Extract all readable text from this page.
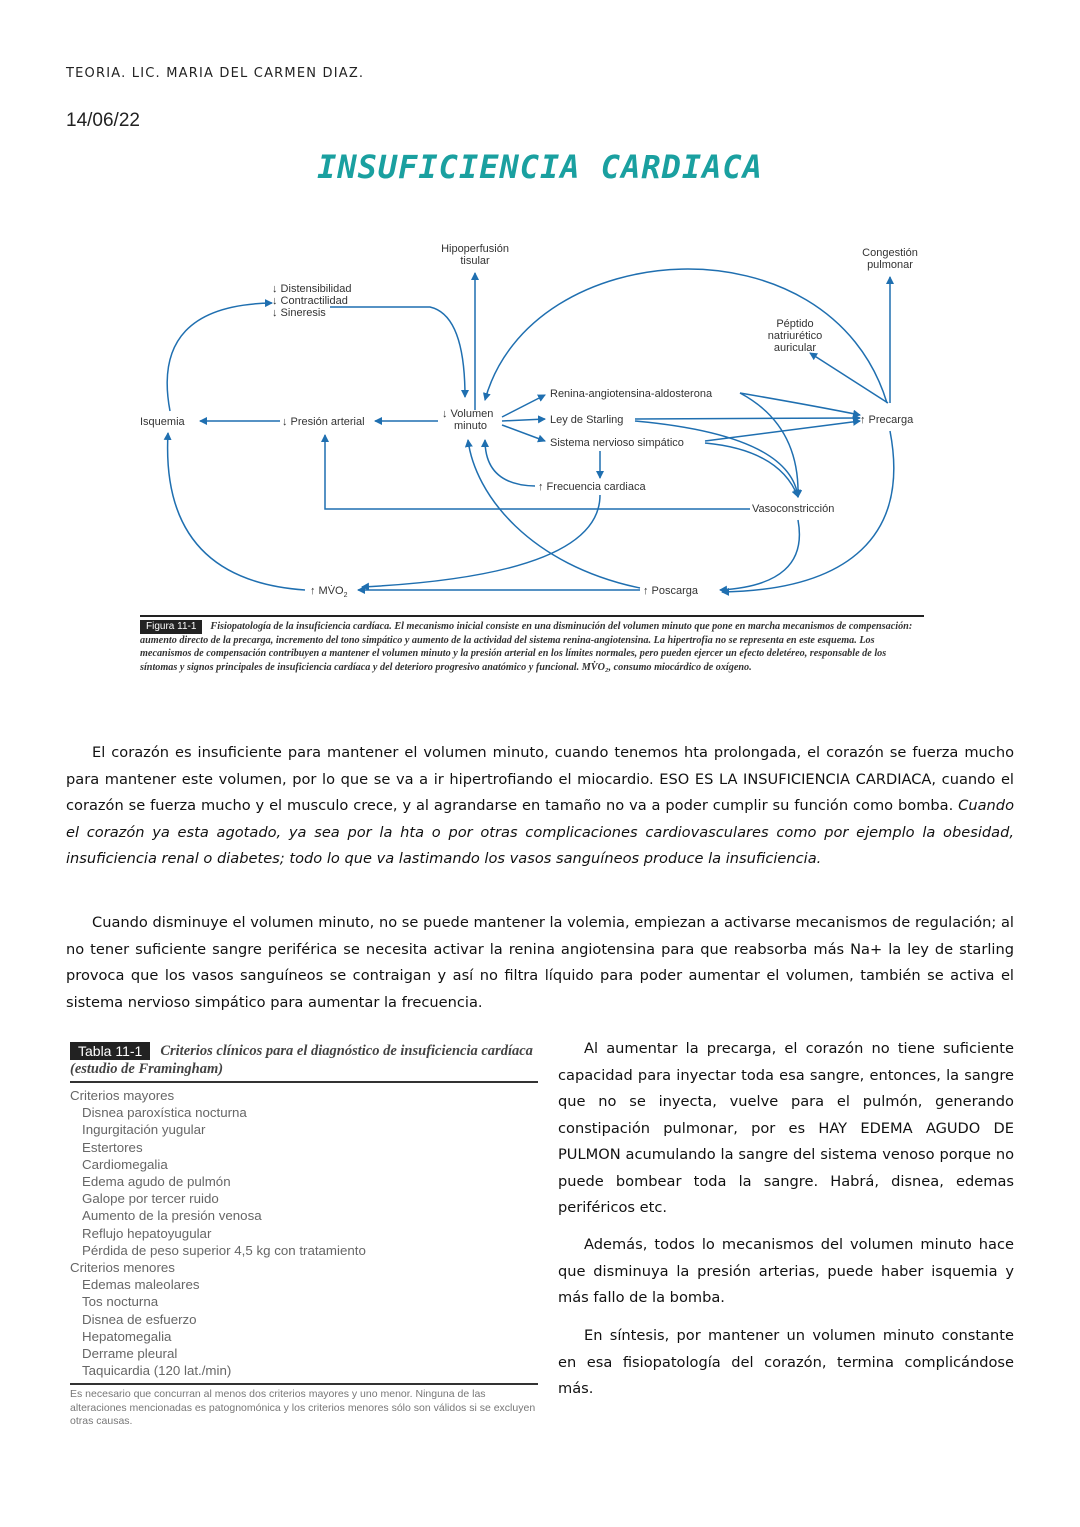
TEORIA. LIC. MARIA DEL CARMEN DIAZ.
14/06/22
INSUFICIENCIA CARDIACA
Hipoperfusión
tisular
Congestión
pulmonar
↓ Distensibilidad
↓ Contractilidad
↓ Sineresis
Péptido
natriurético
auricular
Renina-angiotensina-aldosterona
Ley de Starling
Sistema nervioso simpático
Isquemia	↓ Presión arterial
↓ Volumen
minuto	↑ Precarga
↑ Frecuencia cardiaca
Vasoconstricción
↑ $MV̇O_2$	↑ Poscarga
Figura 11-1 Fisiopatología de la insuficiencia cardíaca. El mecanismo inicial consiste en una disminución del volumen minuto que pone en marcha mecanismos de compensación: aumento directo de la precarga, incremento del tono simpático y aumento de la actividad del sistema renina-angiotensina. La hipertrofia no se representa en este esquema. Los mecanismos de compensación contribuyen a mantener el volumen minuto y la presión arterial en los límites normales, pero pueden ejercer un efecto deletéreo, responsable de los síntomas y signos principales de insuficiencia cardíaca y del deterioro progresivo anatómico y funcional. MV̇O₂, consumo miocárdico de oxígeno.

El corazón es insuficiente para mantener el volumen minuto, cuando tenemos hta prolongada, el corazón se fuerza mucho para mantener este volumen, por lo que se va a ir hipertrofiando el miocardio. ESO ES LA INSUFICIENCIA CARDIACA, cuando el corazón se fuerza mucho y el musculo crece, y al agrandarse en tamaño no va a poder cumplir su función como bomba. Cuando el corazón ya esta agotado, ya sea por la hta o por otras complicaciones cardiovasculares como por ejemplo la obesidad, insuficiencia renal o diabetes; todo lo que va lastimando los vasos sanguíneos produce la insuficiencia.

Cuando disminuye el volumen minuto, no se puede mantener la volemia, empiezan a activarse mecanismos de regulación; al no tener suficiente sangre periférica se necesita activar la renina angiotensina para que reabsorba más Na+ la ley de starling provoca que los vasos sanguíneos se contraigan y así no filtra líquido para poder aumentar el volumen, también se activa el sistema nervioso simpático para aumentar la frecuencia.

Tabla 11-1 Criterios clínicos para el diagnóstico de insuficiencia cardíaca (estudio de Framingham)
Criterios mayores
Disnea paroxística nocturna
Ingurgitación yugular
Estertores
Cardiomegalia
Edema agudo de pulmón
Galope por tercer ruido
Aumento de la presión venosa
Reflujo hepatoyugular
Pérdida de peso superior 4,5 kg con tratamiento
Criterios menores
Edemas maleolares
Tos nocturna
Disnea de esfuerzo
Hepatomegalia
Derrame pleural
Taquicardia (120 lat./min)
Es necesario que concurran al menos dos criterios mayores y uno menor. Ninguna de las alteraciones mencionadas es patognomónica y los criterios menores sólo son válidos si se excluyen otras causas.

Al aumentar la precarga, el corazón no tiene suficiente capacidad para inyectar toda esa sangre, entonces, la sangre que no se inyecta, vuelve para el pulmón, generando constipación pulmonar, por es HAY EDEMA AGUDO DE PULMON acumulando la sangre del sistema venoso porque no puede bombear toda la sangre. Habrá, disnea, edemas periféricos etc.

Además, todos lo mecanismos del volumen minuto hace que disminuya la presión arterias, puede haber isquemia y más fallo de la bomba.

En síntesis, por mantener un volumen minuto constante en esa fisiopatología del corazón, termina complicándose más.
